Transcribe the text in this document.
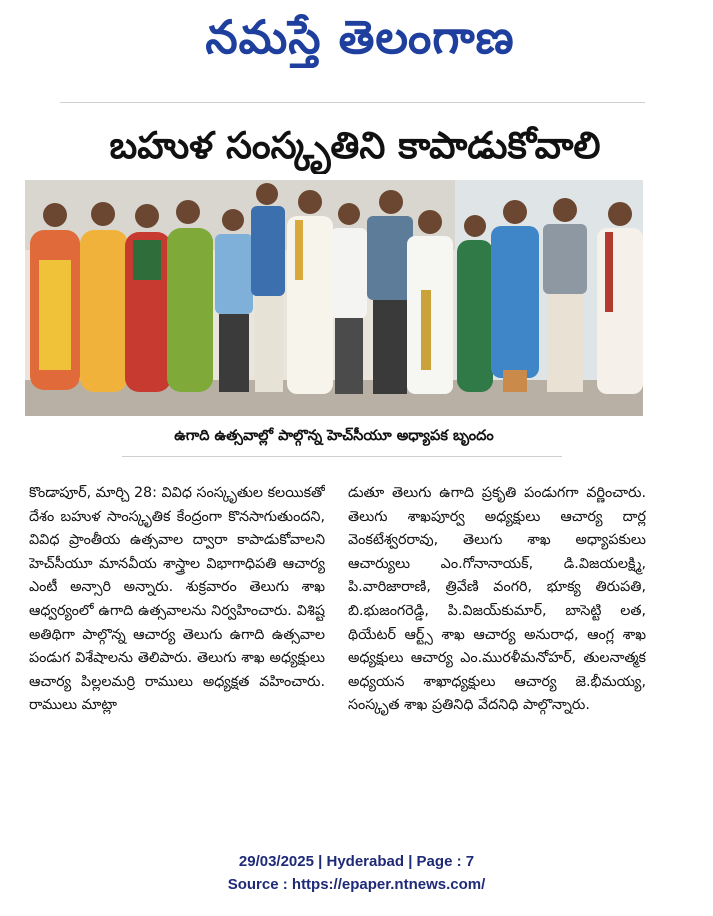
నమస్తే తెలంగాణ
బహుళ సంస్కృతిని కాపాడుకోవాలి
ఉగాది ఉత్సవాల్లో పాల్గొన్న హెచ్‌సీయూ అధ్యాపక బృందం

కొండాపూర్, మార్చి 28: వివిధ సంస్కృతుల కలయికతో దేశం బహుళ సాంస్కృతిక కేంద్రంగా కొనసాగుతుందని, వివిధ ప్రాంతీయ ఉత్సవాల ద్వారా కాపాడుకోవాలని హెచ్‌సీయూ మానవీయ శాస్త్రాల విభాగాధిపతి ఆచార్య ఎంటీ అన్సారి అన్నారు. శుక్రవారం తెలుగు శాఖ ఆధ్వర్యంలో ఉగాది ఉత్సవాలను నిర్వహించారు. విశిష్ట అతిథిగా పాల్గొన్న ఆచార్య తెలుగు ఉగాది ఉత్సవాల పండుగ విశేషాలను తెలిపారు. తెలుగు శాఖ అధ్యక్షులు ఆచార్య పిల్లలమర్రి రాములు అధ్యక్షత వహించారు. రాములు మాట్లా

డుతూ తెలుగు ఉగాది ప్రకృతి పండుగగా వర్ణించారు. తెలుగు శాఖపూర్వ అధ్యక్షులు ఆచార్య దార్ల వెంకటేశ్వరరావు, తెలుగు శాఖ అధ్యాపకులు ఆచార్యులు ఎం.గోనానాయక్, డి.విజయలక్ష్మి, పి.వారిజారాణి, త్రివేణి వంగరి, భూక్య తిరుపతి, బి.భుజంగరెడ్డి, పి.విజయ్‌కుమార్, బాసెట్టి లత, థియేటర్ ఆర్ట్స్ శాఖ ఆచార్య అనురాధ, ఆంగ్ల శాఖ అధ్యక్షులు ఆచార్య ఎం.మురళీమనోహర్, తులనాత్మక అధ్యయన శాఖాధ్యక్షులు ఆచార్య జె.భీమయ్య, సంస్కృత శాఖ ప్రతినిధి వేదనిధి పాల్గొన్నారు.

29/03/2025 | Hyderabad | Page : 7
Source : https://epaper.ntnews.com/
